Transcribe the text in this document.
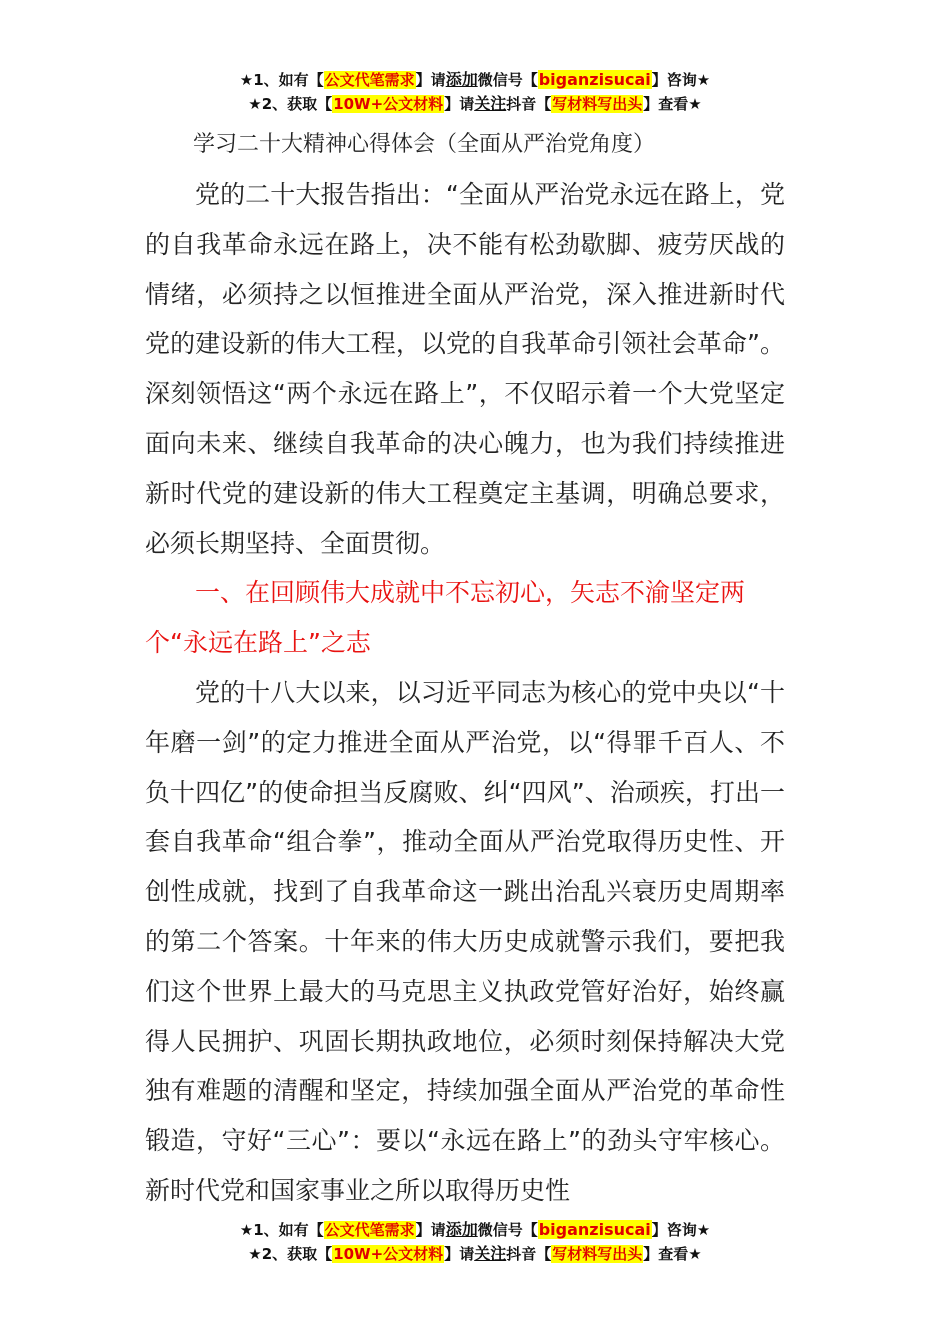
★1、如有【公文代笔需求】请添加微信号【biganzisucai】咨询★
★2、获取【10W+公文材料】请关注抖音【写材料写出头】查看★
学习二十大精神心得体会（全面从严治党角度）

党的二十大报告指出：“全面从严治党永远在路上，党的自我革命永远在路上，决不能有松劲歇脚、疲劳厌战的情绪，必须持之以恒推进全面从严治党，深入推进新时代党的建设新的伟大工程，以党的自我革命引领社会革命”。深刻领悟这“两个永远在路上”，不仅昭示着一个大党坚定面向未来、继续自我革命的决心魄力，也为我们持续推进新时代党的建设新的伟大工程奠定主基调，明确总要求，必须长期坚持、全面贯彻。

一、在回顾伟大成就中不忘初心，矢志不渝坚定两个“永远在路上”之志

党的十八大以来，以习近平同志为核心的党中央以“十年磨一剑”的定力推进全面从严治党，以“得罪千百人、不负十四亿”的使命担当反腐败、纠“四风”、治顽疾，打出一套自我革命“组合拳”，推动全面从严治党取得历史性、开创性成就，找到了自我革命这一跳出治乱兴衰历史周期率的第二个答案。十年来的伟大历史成就警示我们，要把我们这个世界上最大的马克思主义执政党管好治好，始终赢得人民拥护、巩固长期执政地位，必须时刻保持解决大党独有难题的清醒和坚定，持续加强全面从严治党的革命性锻造，守好“三心”：要以“永远在路上”的劲头守牢核心。新时代党和国家事业之所以取得历史性

★1、如有【公文代笔需求】请添加微信号【biganzisucai】咨询★
★2、获取【10W+公文材料】请关注抖音【写材料写出头】查看★
